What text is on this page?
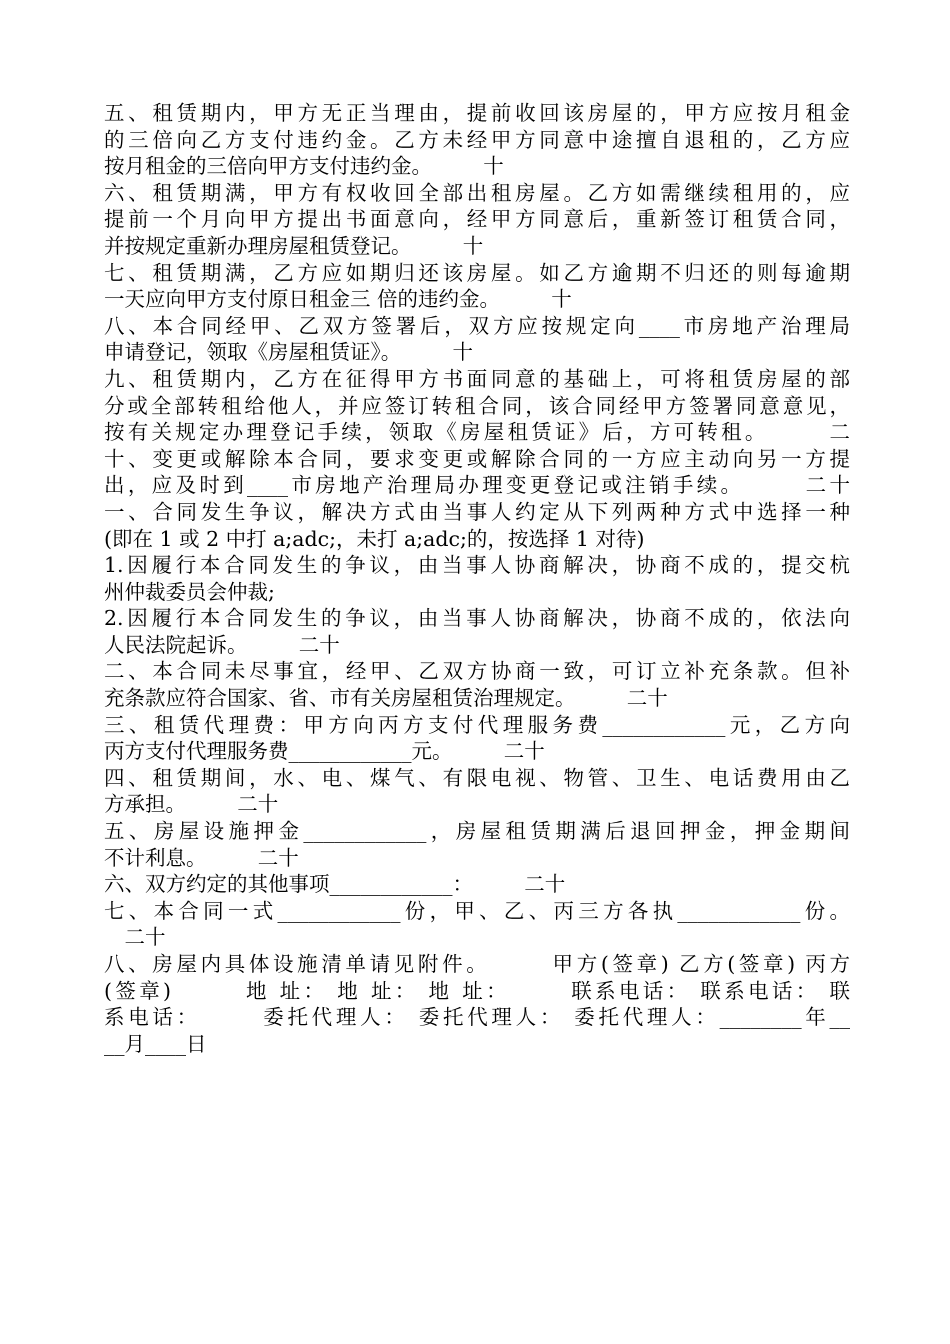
五、租赁期内，甲方无正当理由，提前收回该房屋的，甲方应按月租金
的三倍向乙方支付违约金。乙方未经甲方同意中途擅自退租的，乙方应
按月租金的三倍向甲方支付违约金。　　　十
六、租赁期满，甲方有权收回全部出租房屋。乙方如需继续租用的，应
提前一个月向甲方提出书面意向，经甲方同意后，重新签订租赁合同，
并按规定重新办理房屋租赁登记。　　　十
七、租赁期满，乙方应如期归还该房屋。如乙方逾期不归还的则每逾期
一天应向甲方支付原日租金三 倍的违约金。　　　十
八、本合同经甲、乙双方签署后，双方应按规定向____市房地产治理局
申请登记，领取《房屋租赁证》。　　　十
九、租赁期内，乙方在征得甲方书面同意的基础上，可将租赁房屋的部
分或全部转租给他人，并应签订转租合同，该合同经甲方签署同意意见，
按有关规定办理登记手续，领取《房屋租赁证》后，方可转租。　　　二
十、变更或解除本合同，要求变更或解除合同的一方应主动向另一方提
出，应及时到____市房地产治理局办理变更登记或注销手续。　　　二十
一、合同发生争议，解决方式由当事人约定从下列两种方式中选择一种
(即在 1 或 2 中打 a;adc;，未打 a;adc;的，按选择 1 对待)
1.因履行本合同发生的争议，由当事人协商解决，协商不成的，提交杭
州仲裁委员会仲裁;
2.因履行本合同发生的争议，由当事人协商解决，协商不成的，依法向
人民法院起诉。　　　二十
二、本合同未尽事宜，经甲、乙双方协商一致，可订立补充条款。但补
充条款应符合国家、省、市有关房屋租赁治理规定。　　　二十
三、租赁代理费：甲方向丙方支付代理服务费____________元，乙方向
丙方支付代理服务费____________元。　　　二十
四、租赁期间，水、电、煤气、有限电视、物管、卫生、电话费用由乙
方承担。　　　二十
五、房屋设施押金____________，房屋租赁期满后退回押金，押金期间
不计利息。　　　二十
六、双方约定的其他事项____________：　　　二十
七、本合同一式____________份，甲、乙、丙三方各执____________份。
　二十
八、房屋内具体设施清单请见附件。　　　甲方(签章) 乙方(签章) 丙方
(签章)　　　地 址： 地 址： 地 址：　　　联系电话： 联系电话： 联
系电话：　　　委托代理人： 委托代理人： 委托代理人：________年__
__月____日
